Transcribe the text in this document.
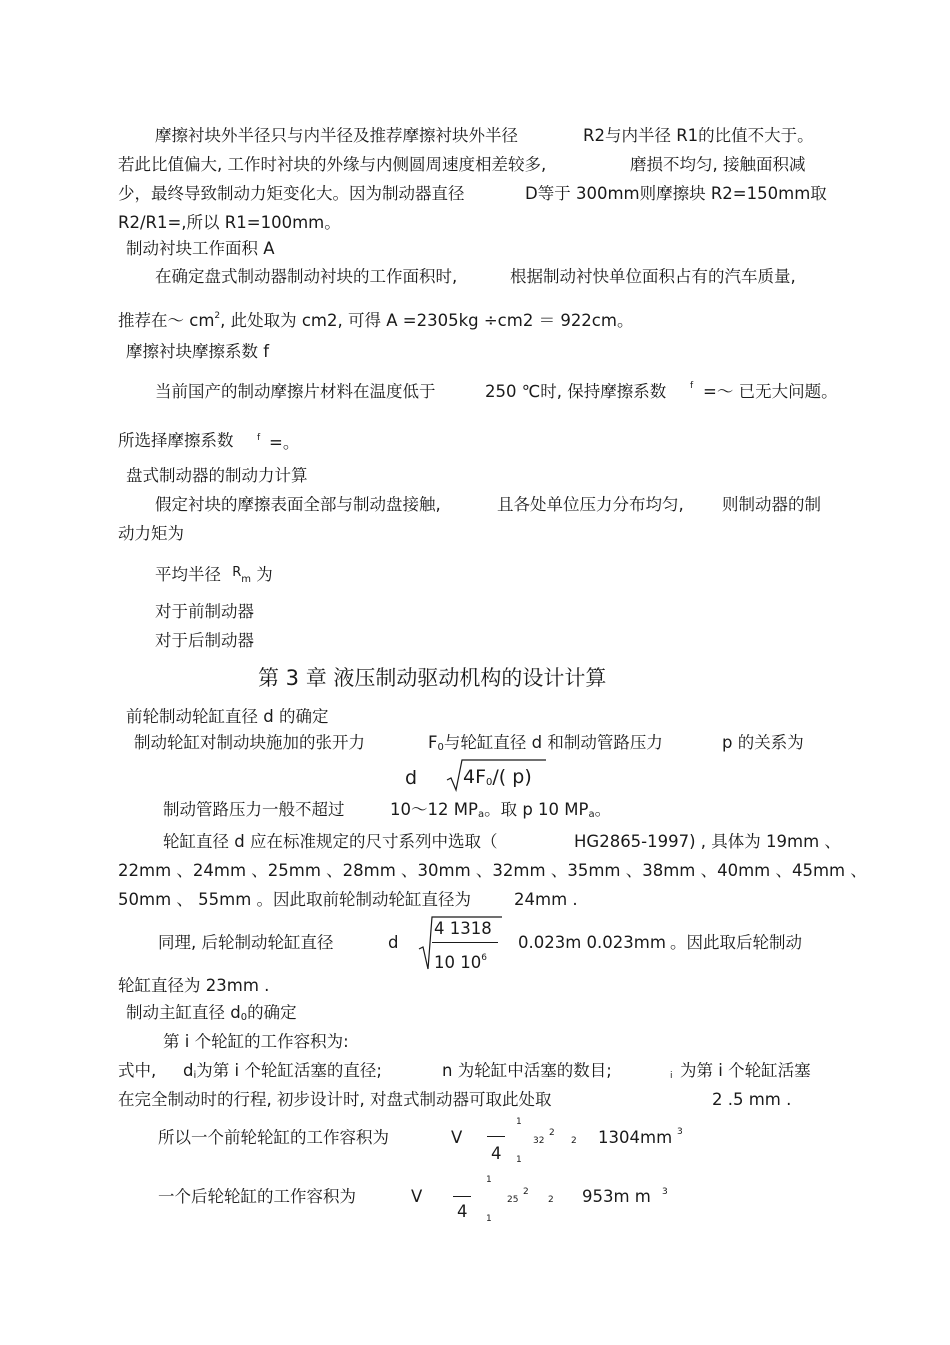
摩擦衬块外半径只与内半径及推荐摩擦衬块外半径	R2与内半径 R1的比值不大于。
若此比值偏大, 工作时衬块的外缘与内侧圆周速度相差较多,	磨损不均匀, 接触面积减
少，最终导致制动力矩变化大。因为制动器直径	D等于 300mm则摩擦块 R2=150mm取
R2/R1=,所以 R1=100mm。
制动衬块工作面积 A
在确定盘式制动器制动衬块的工作面积时,	根据制动衬快单位面积占有的汽车质量,
推荐在～ $cm^2$, 此处取为 cm2, 可得 A =2305kg ÷cm2 ＝ 922cm。
摩擦衬块摩擦系数 f
当前国产的制动摩擦片材料在温度低于	250 ℃时, 保持摩擦系数	f =～ 已无大问题。
所选择摩擦系数	f =。
盘式制动器的制动力计算
假定衬块的摩擦表面全部与制动盘接触,	且各处单位压力分布均匀, 则制动器的制
动力矩为
平均半径 $^R_m$ 为
对于前制动器
对于后制动器
第 3 章 液压制动驱动机构的设计计算
前轮制动轮缸直径 d 的确定
制动轮缸对制动块施加的张开力	$F_0$与轮缸直径 d 和制动管路压力	p 的关系为
d $4F_0/$( p)
制动管路压力一般不超过	10～12 $MP_a$。取 p 10 $MP_a$。
轮缸直径 d 应在标准规定的尺寸系列中选取（	HG2865-1997) , 具体为 19mm 、
22mm 、24mm 、25mm 、28mm 、30mm 、32mm 、35mm 、38mm 、40mm 、45mm 、
50mm 、 55mm 。因此取前轮制动轮缸直径为	24mm .
同理, 后轮制动轮缸直径	d
4 1318
10 $10^6$
0.023m 0.023mm 。因此取后轮制动
轮缸直径为 23mm .
制动主缸直径 $d_0$的确定
第 i 个轮缸的工作容积为:
式中, $d_i$为第 i 个轮缸活塞的直径;	n 为轮缸中活塞的数目;	i 为第 i 个轮缸活塞
在完全制动时的行程, 初步设计时, 对盘式制动器可取此处取	2 .5 mm .
所以一个前轮轮缸的工作容积为	V
1
4 1
32
2
2 1304mm 3
一个后轮轮缸的工作容积为	V
1
4 1
25
2
2 953m m 3
